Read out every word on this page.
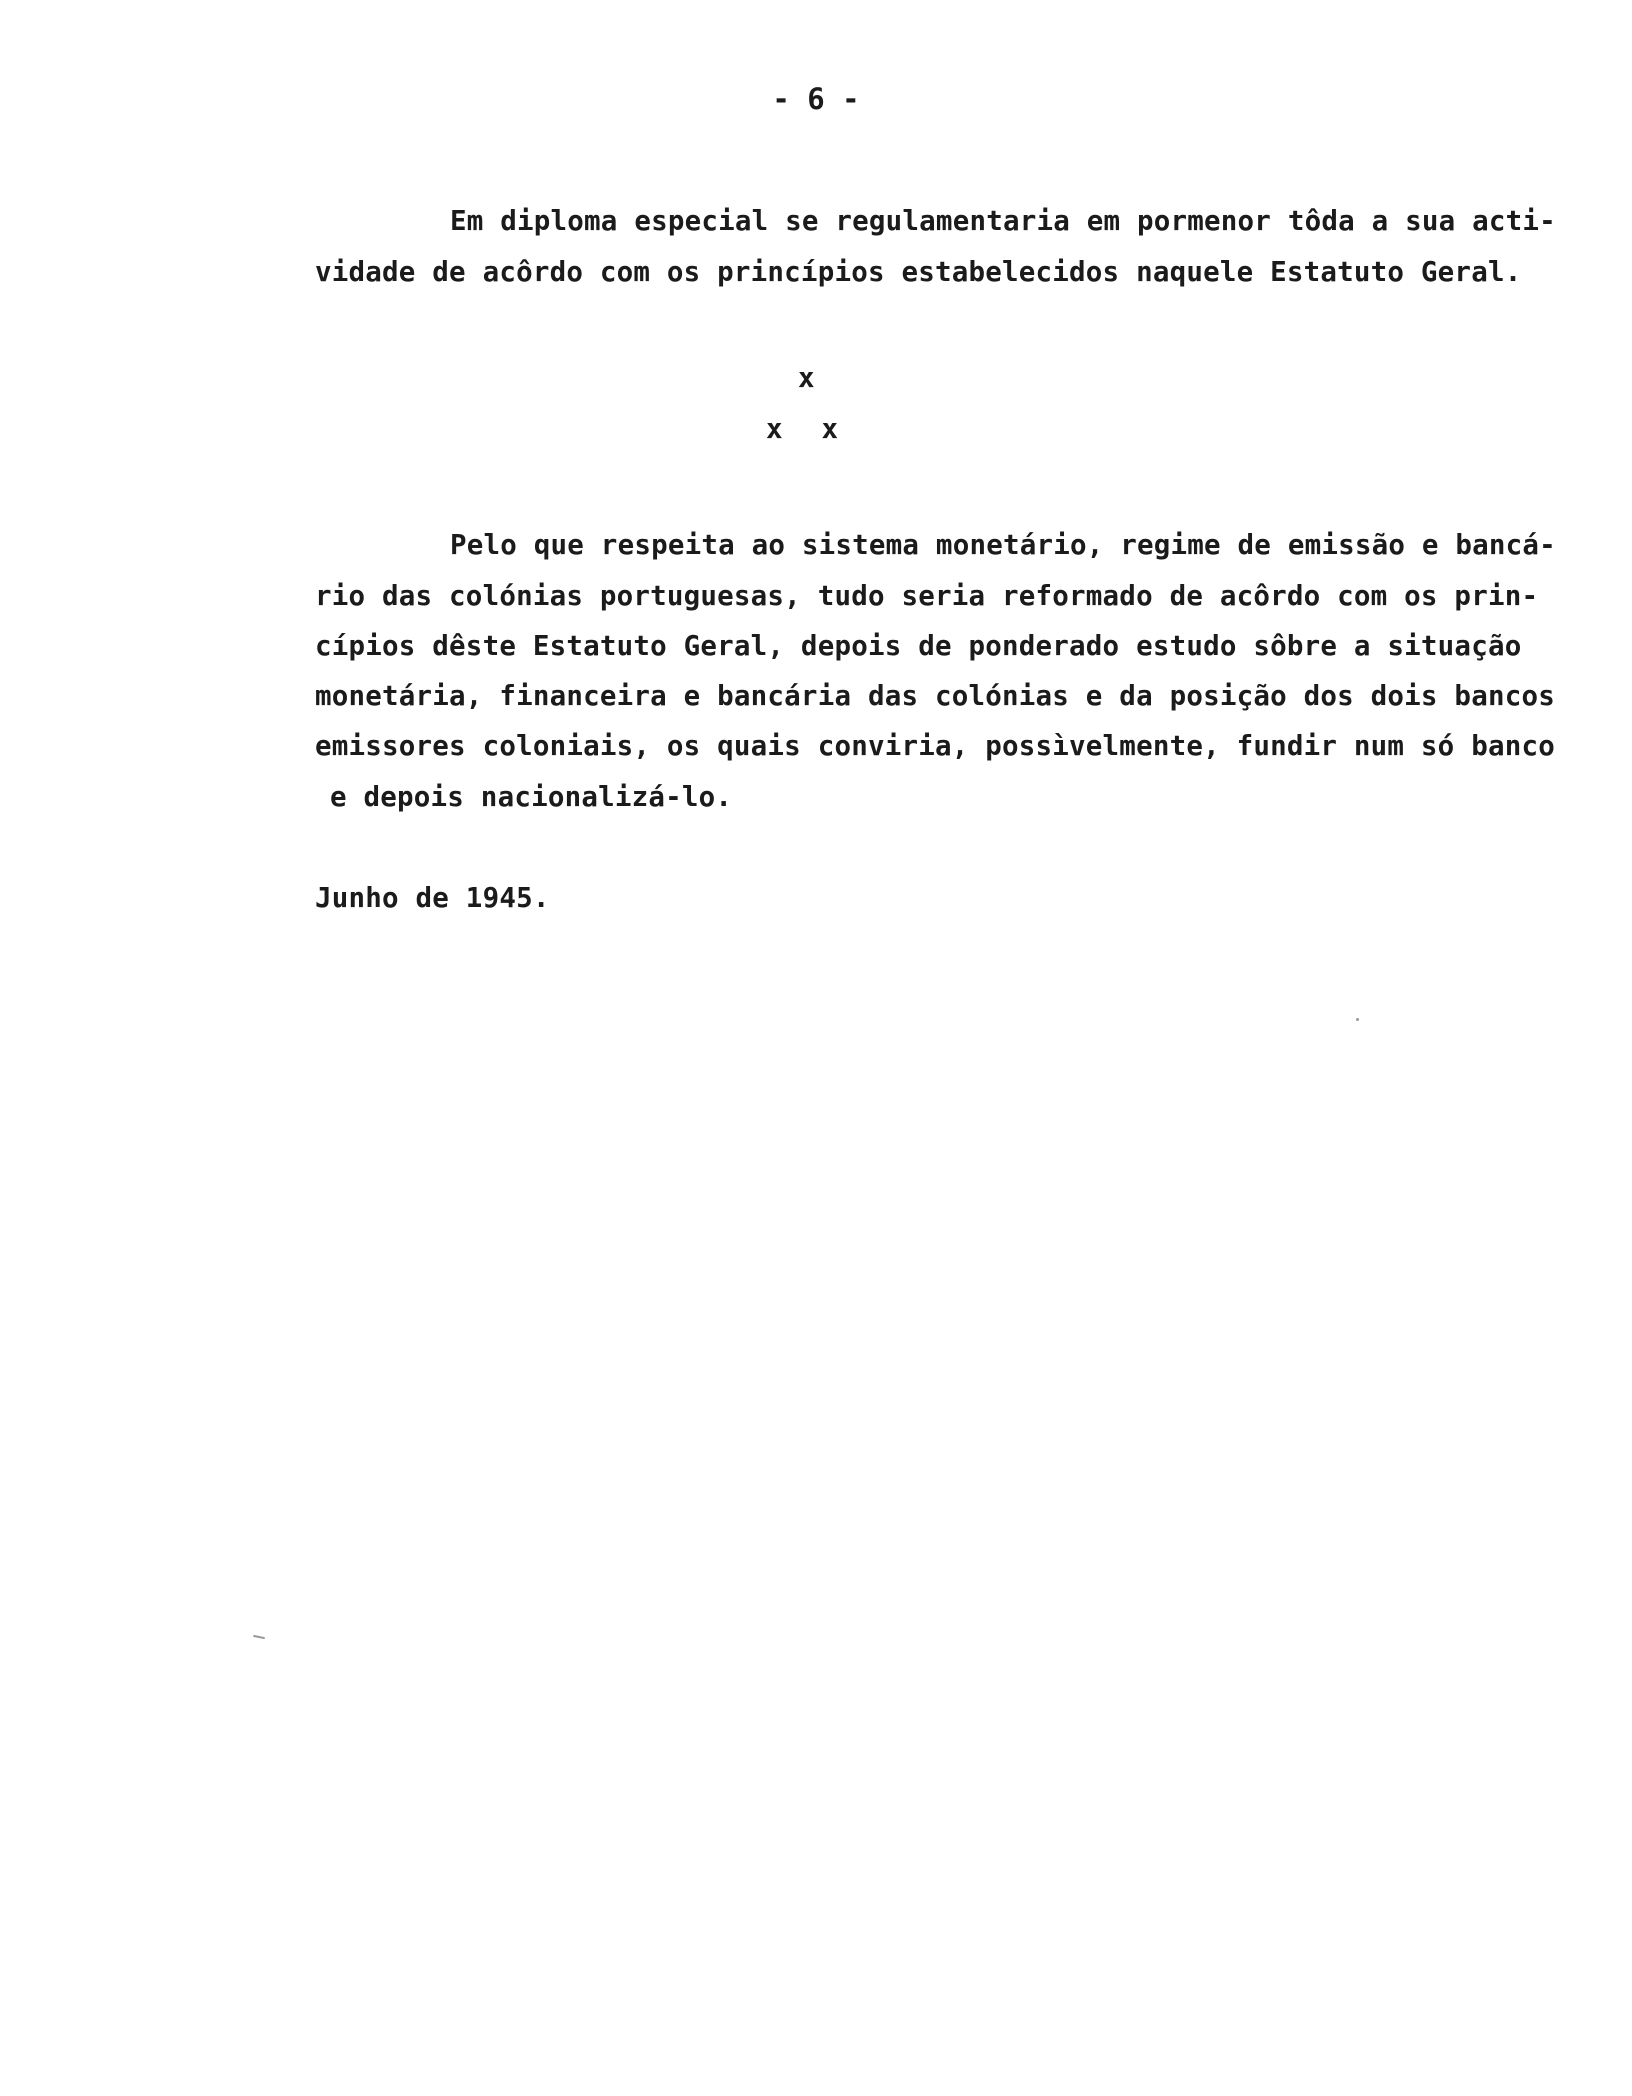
- 6 -
Em diploma especial se regulamentaria em pormenor tôda a sua acti-
vidade de acôrdo com os princípios estabelecidos naquele Estatuto Geral.
x
x x
Pelo que respeita ao sistema monetário, regime de emissão e bancá-
rio das colónias portuguesas, tudo seria reformado de acôrdo com os prin-
cípios dêste Estatuto Geral, depois de ponderado estudo sôbre a situação
monetária, financeira e bancária das colónias e da posição dos dois bancos
emissores coloniais, os quais conviria, possìvelmente, fundir num só banco
e depois nacionalizá-lo.
Junho de 1945.
